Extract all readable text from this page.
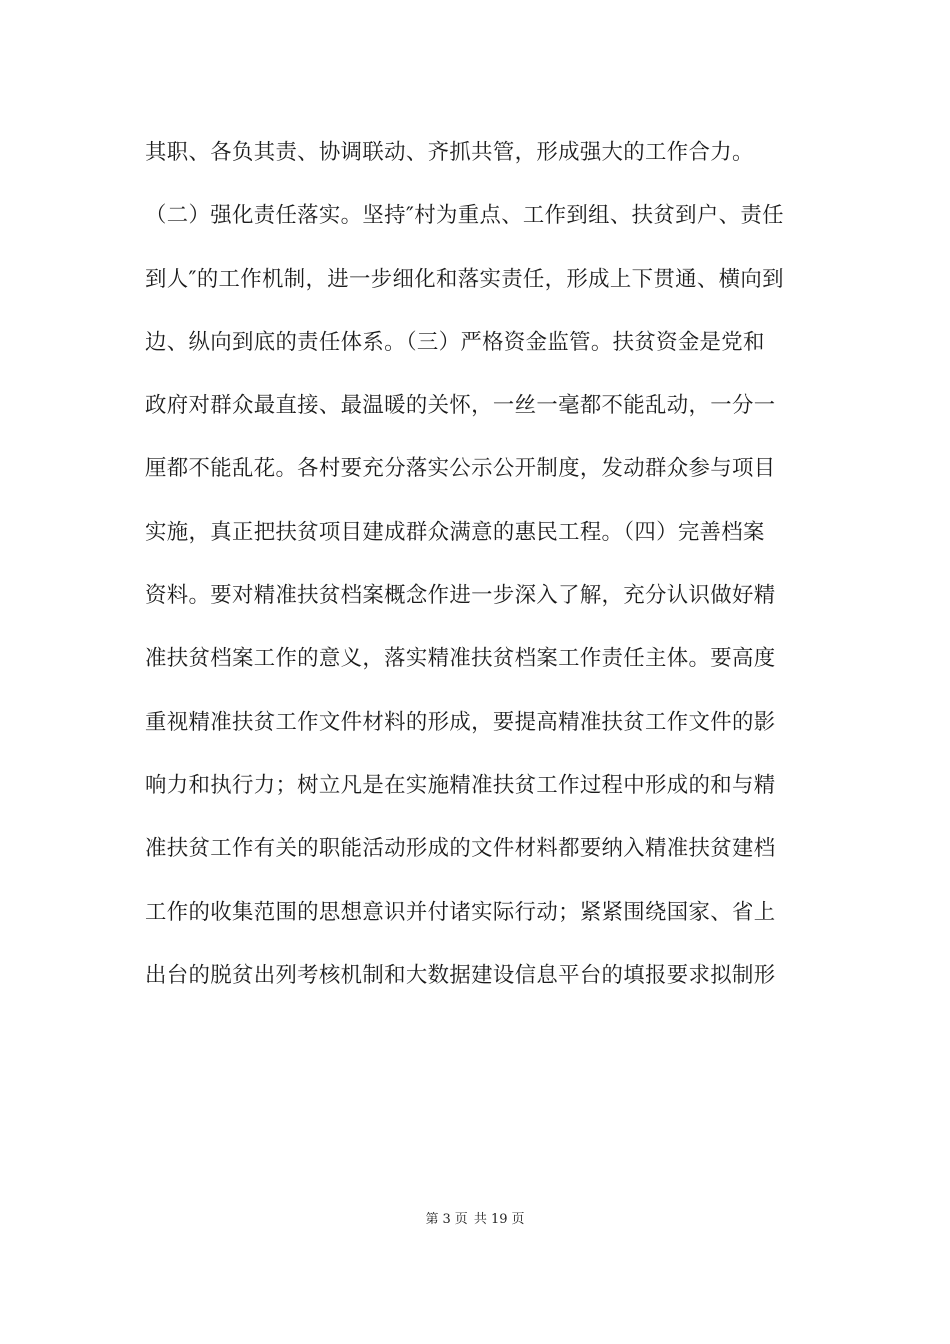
其职、各负其责、协调联动、齐抓共管，形成强大的工作合力。
（二）强化责任落实。坚持″村为重点、工作到组、扶贫到户、责任
到人″的工作机制，进一步细化和落实责任，形成上下贯通、横向到
边、纵向到底的责任体系。（三）严格资金监管。扶贫资金是党和
政府对群众最直接、最温暖的关怀，一丝一毫都不能乱动，一分一
厘都不能乱花。各村要充分落实公示公开制度，发动群众参与项目
实施，真正把扶贫项目建成群众满意的惠民工程。（四）完善档案
资料。要对精准扶贫档案概念作进一步深入了解，充分认识做好精
准扶贫档案工作的意义，落实精准扶贫档案工作责任主体。要高度
重视精准扶贫工作文件材料的形成，要提高精准扶贫工作文件的影
响力和执行力；树立凡是在实施精准扶贫工作过程中形成的和与精
准扶贫工作有关的职能活动形成的文件材料都要纳入精准扶贫建档
工作的收集范围的思想意识并付诸实际行动；紧紧围绕国家、省上
出台的脱贫出列考核机制和大数据建设信息平台的填报要求拟制形
第 3 页 共 19 页
